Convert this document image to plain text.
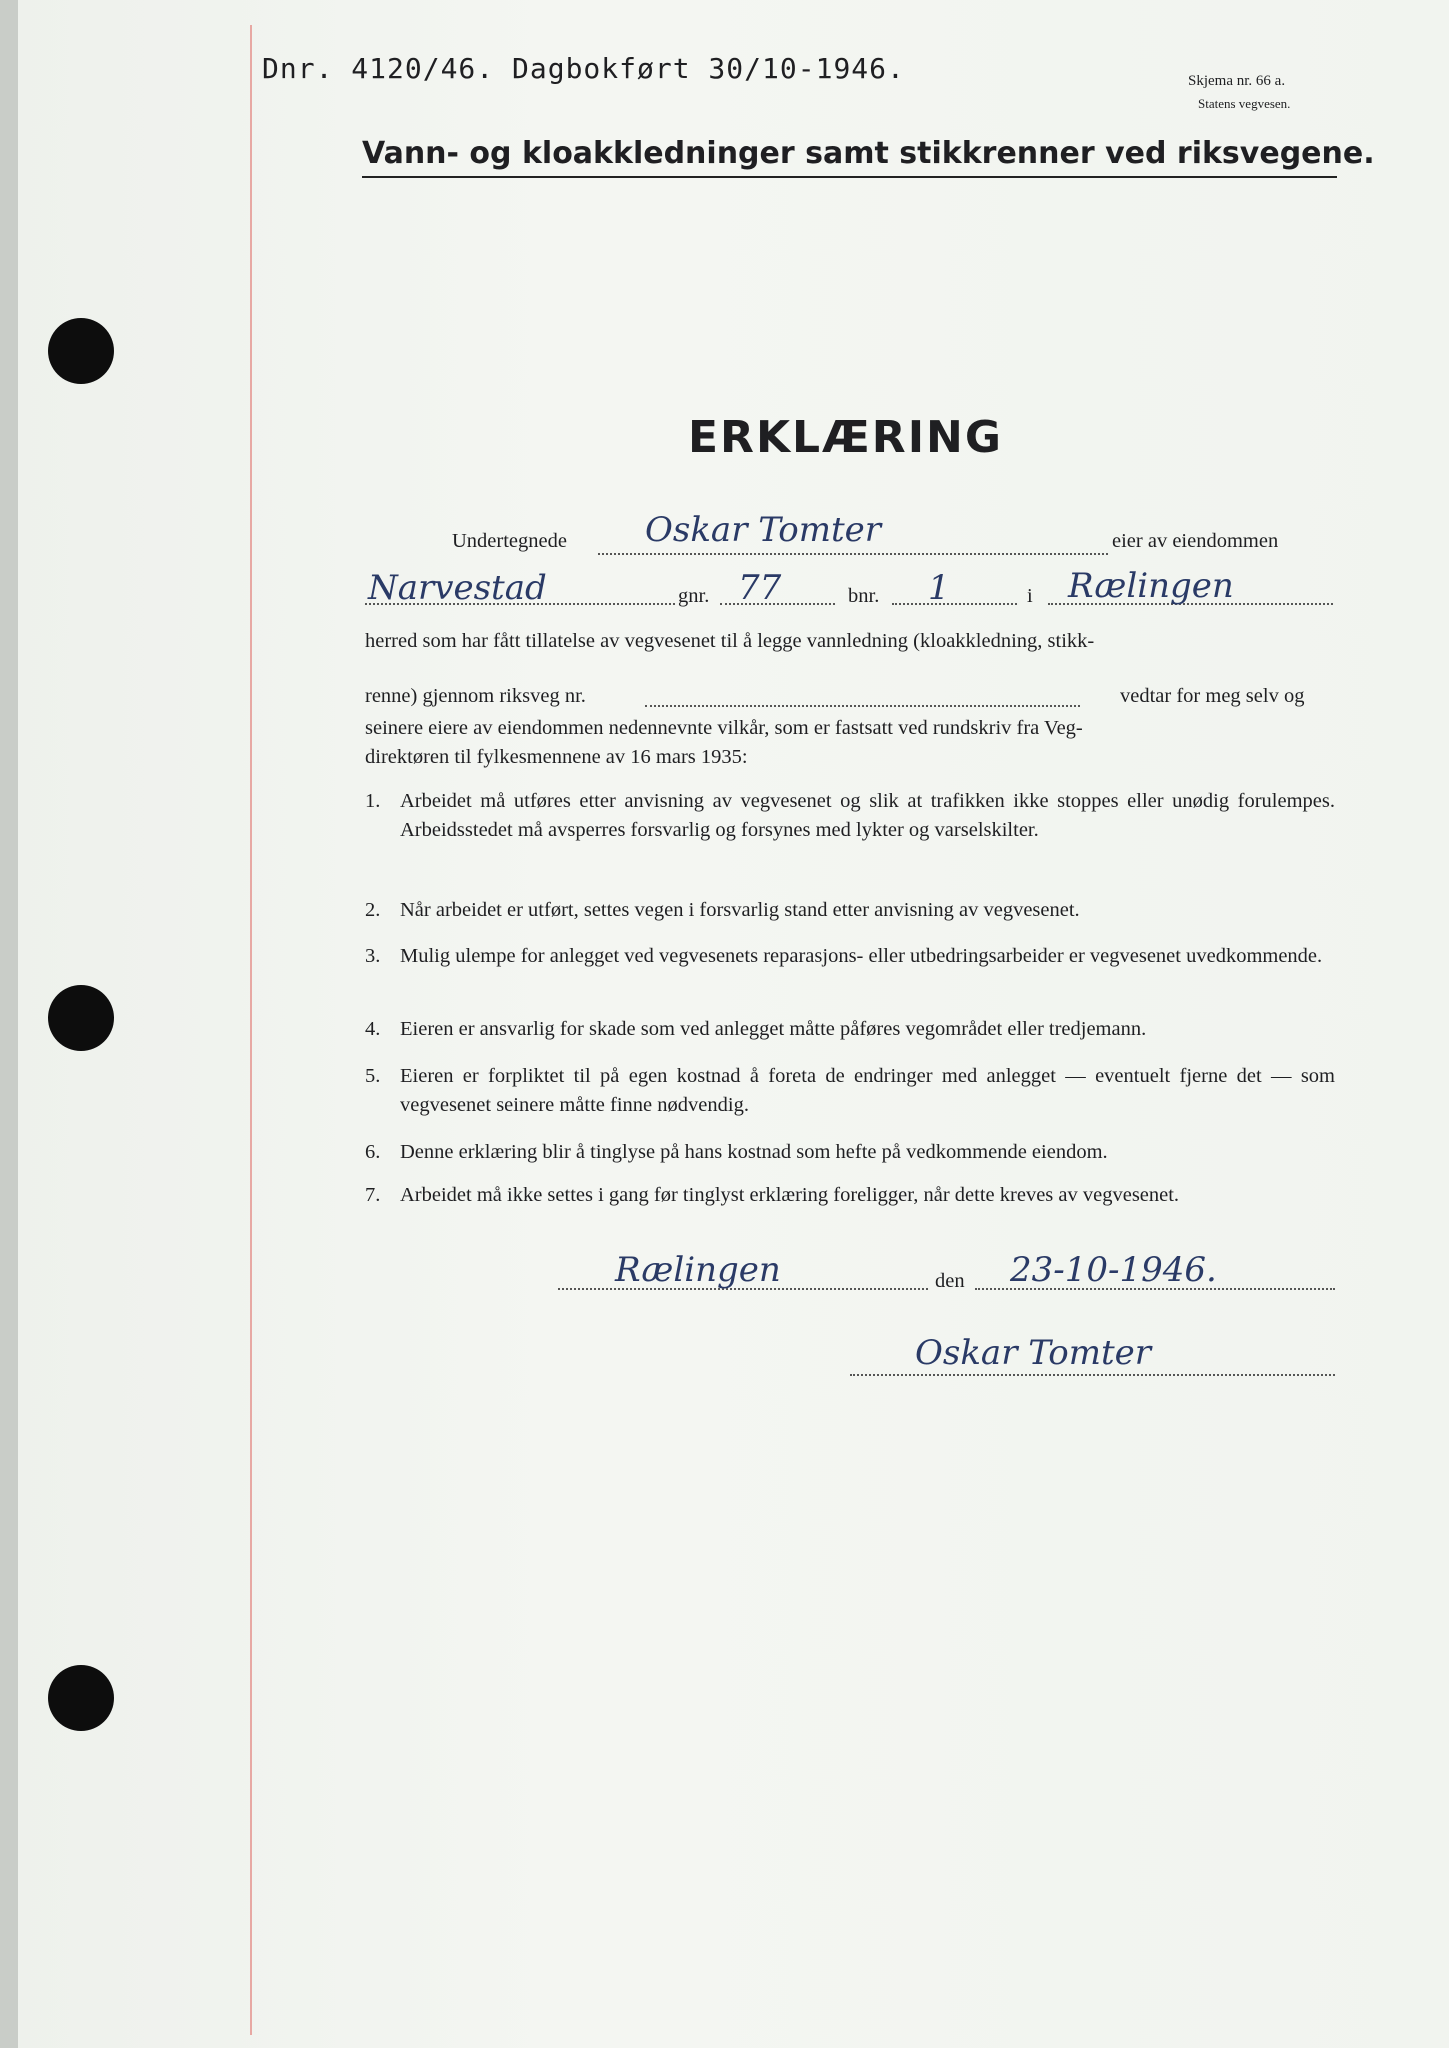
Dnr. 4120/46. Dagbokført 30/10-1946.	Skjema nr. 66 a.
Statens vegvesen.
Vann- og kloakkledninger samt stikkrenner ved riksvegene.
ERKLÆRING
Undertegnede Oskar Tomter	eier av eiendommen
Narvestad	gnr. 77	bnr. 1	i Rælingen
herred som har fått tillatelse av vegvesenet til å legge vannledning (kloakkledning, stikk-
renne) gjennom riksveg nr.	vedtar for meg selv og
seinere eiere av eiendommen nedennevnte vilkår, som er fastsatt ved rundskriv fra Veg-
direktøren til fylkesmennene av 16 mars 1935:
1. Arbeidet må utføres etter anvisning av vegvesenet og slik at trafikken ikke stoppes eller unødig forulempes. Arbeidsstedet må avsperres forsvarlig og forsynes med lykter og varselskilter.
2. Når arbeidet er utført, settes vegen i forsvarlig stand etter anvisning av vegvesenet.
3. Mulig ulempe for anlegget ved vegvesenets reparasjons- eller utbedringsarbeider er vegvesenet uvedkommende.
4. Eieren er ansvarlig for skade som ved anlegget måtte påføres vegområdet eller tredjemann.
5. Eieren er forpliktet til på egen kostnad å foreta de endringer med anlegget — eventuelt fjerne det — som vegvesenet seinere måtte finne nødvendig.
6. Denne erklæring blir å tinglyse på hans kostnad som hefte på vedkommende eiendom.
7. Arbeidet må ikke settes i gang før tinglyst erklæring foreligger, når dette kreves av vegvesenet.
Rælingen	den 23-10-1946.
Oskar Tomter
